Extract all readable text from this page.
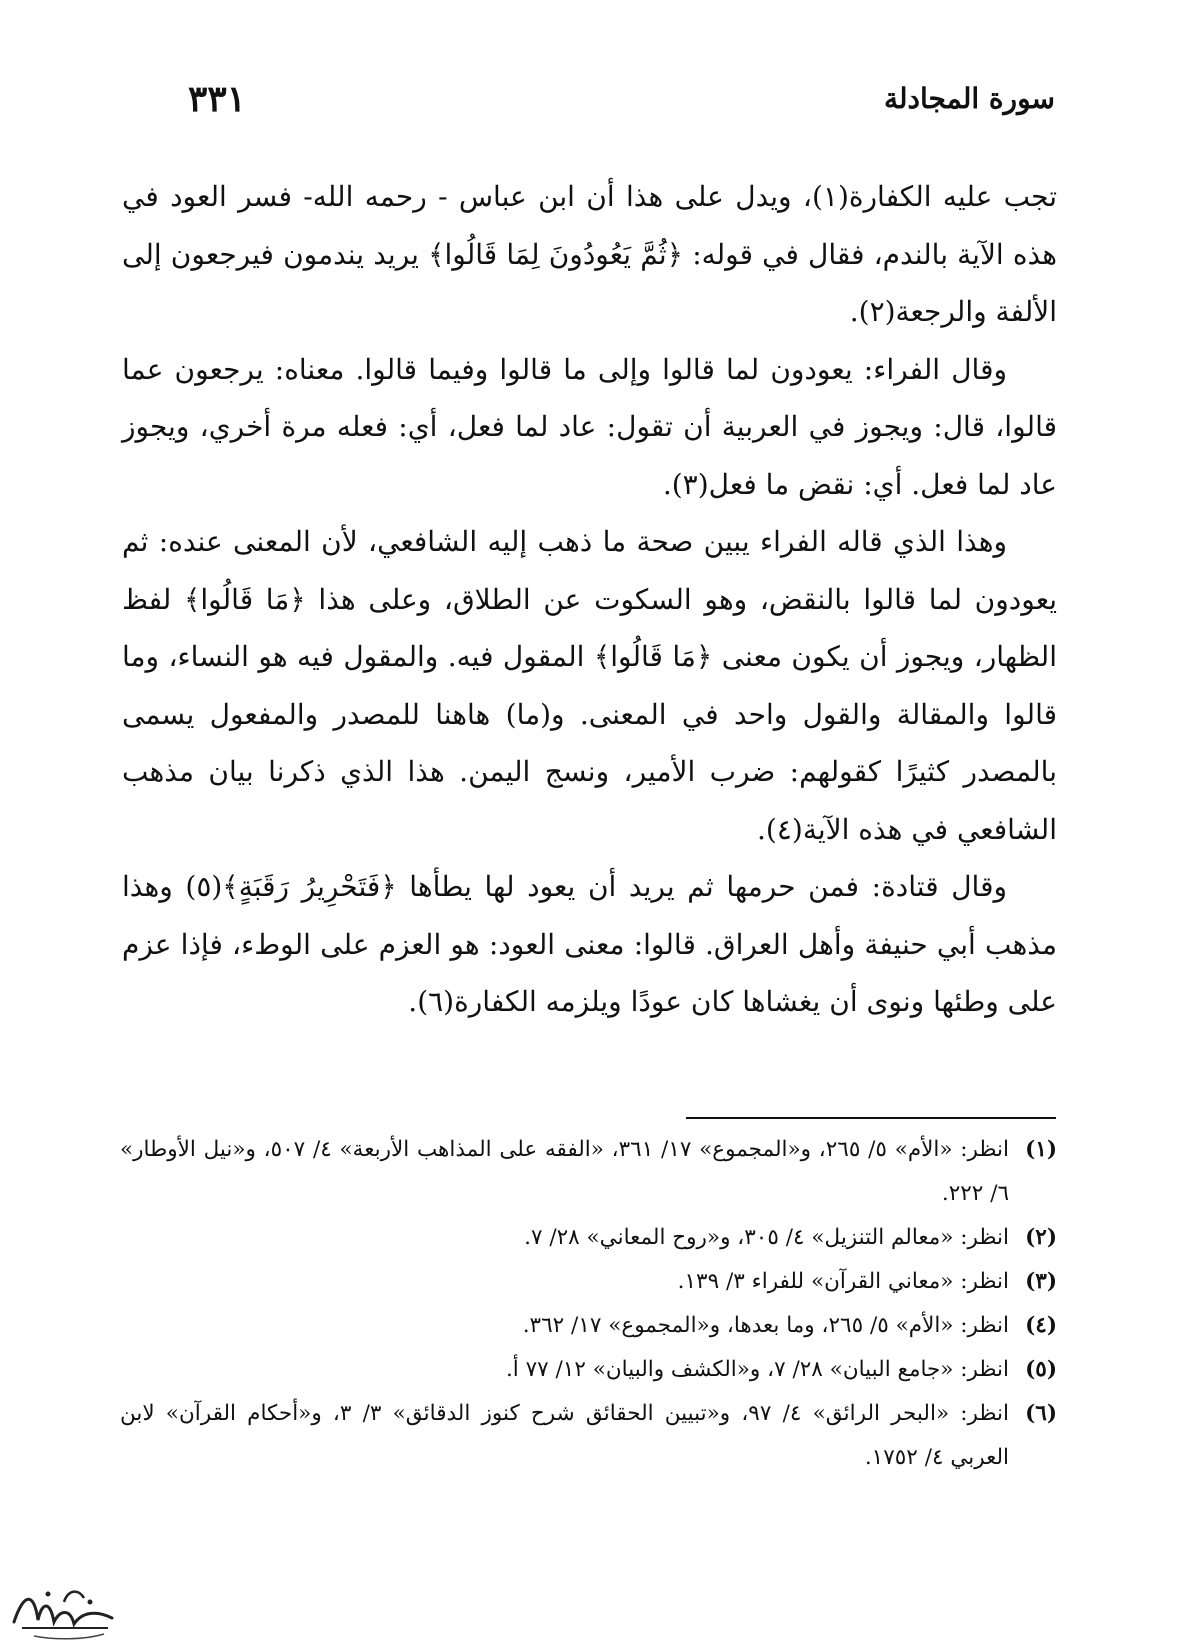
سورة المجادلة
٣٣١

تجب عليه الكفارة(١)، ويدل على هذا أن ابن عباس - رحمه الله- فسر العود في هذه الآية بالندم، فقال في قوله: ﴿ثُمَّ يَعُودُونَ لِمَا قَالُوا﴾ يريد يندمون فيرجعون إلى الألفة والرجعة(٢).

وقال الفراء: يعودون لما قالوا وإلى ما قالوا وفيما قالوا. معناه: يرجعون عما قالوا، قال: ويجوز في العربية أن تقول: عاد لما فعل، أي: فعله مرة أخري، ويجوز عاد لما فعل. أي: نقض ما فعل(٣).

وهذا الذي قاله الفراء يبين صحة ما ذهب إليه الشافعي، لأن المعنى عنده: ثم يعودون لما قالوا بالنقض، وهو السكوت عن الطلاق، وعلى هذا ﴿مَا قَالُوا﴾ لفظ الظهار، ويجوز أن يكون معنى ﴿مَا قَالُوا﴾ المقول فيه. والمقول فيه هو النساء، وما قالوا والمقالة والقول واحد في المعنى. و(ما) هاهنا للمصدر والمفعول يسمى بالمصدر كثيرًا كقولهم: ضرب الأمير، ونسج اليمن. هذا الذي ذكرنا بيان مذهب الشافعي في هذه الآية(٤).

وقال قتادة: فمن حرمها ثم يريد أن يعود لها يطأها ﴿فَتَحْرِيرُ رَقَبَةٍ﴾(٥) وهذا مذهب أبي حنيفة وأهل العراق. قالوا: معنى العود: هو العزم على الوطء، فإذا عزم على وطئها ونوى أن يغشاها كان عودًا ويلزمه الكفارة(٦).

(١)
انظر: «الأم» ٥/ ٢٦٥، و«المجموع» ١٧/ ٣٦١، «الفقه على المذاهب الأربعة» ٤/ ٥٠٧، و«نيل الأوطار» ٦/ ٢٢٢.
(٢)
انظر: «معالم التنزيل» ٤/ ٣٠٥، و«روح المعاني» ٢٨/ ٧.
(٣)
انظر: «معاني القرآن» للفراء ٣/ ١٣٩.
(٤)
انظر: «الأم» ٥/ ٢٦٥، وما بعدها، و«المجموع» ١٧/ ٣٦٢.
(٥)
انظر: «جامع البيان» ٢٨/ ٧، و«الكشف والبيان» ١٢/ ٧٧ أ.
(٦)
انظر: «البحر الرائق» ٤/ ٩٧، و«تبيين الحقائق شرح كنوز الدقائق» ٣/ ٣، و«أحكام القرآن» لابن العربي ٤/ ١٧٥٢.
